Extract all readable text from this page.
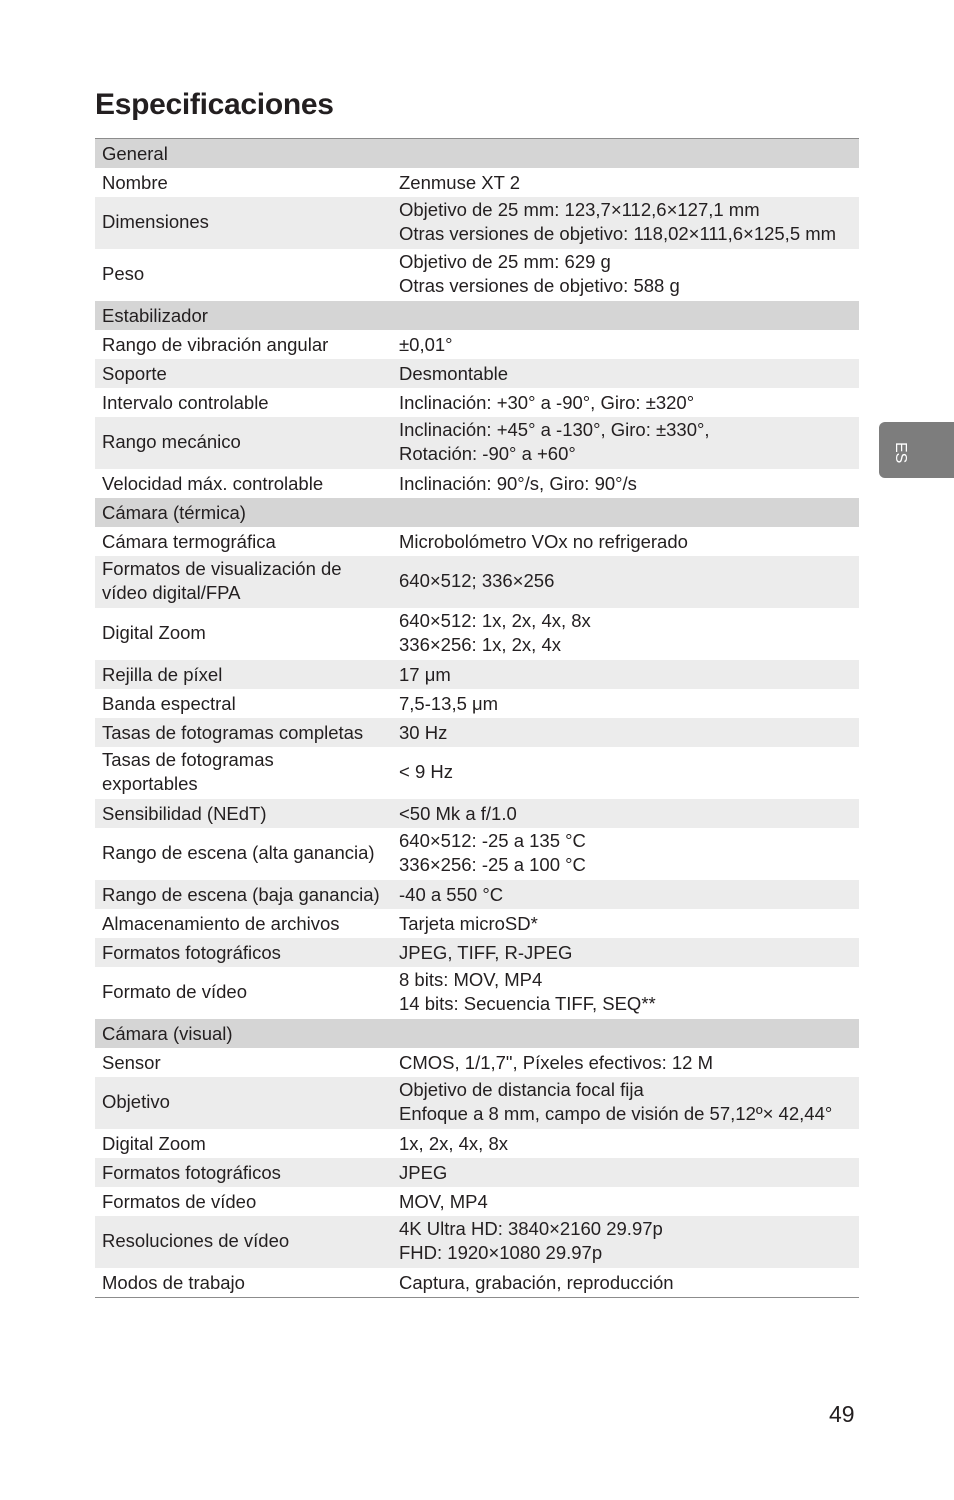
Especificaciones
General	
Nombre	Zenmuse XT 2
Dimensiones	Objetivo de 25 mm: 123,7×112,6×127,1 mm
Otras versiones de objetivo: 118,02×111,6×125,5 mm
Peso	Objetivo de 25 mm: 629 g
Otras versiones de objetivo: 588 g
Estabilizador	
Rango de vibración angular	±0,01°
Soporte	Desmontable
Intervalo controlable	Inclinación: +30° a -90°, Giro: ±320°
Rango mecánico	Inclinación: +45° a -130°, Giro: ±330°,
Rotación: -90° a +60°
Velocidad máx. controlable	Inclinación: 90°/s, Giro: 90°/s
Cámara (térmica)	
Cámara termográfica	Microbolómetro VOx no refrigerado

Formatos de visualización de
vídeo digital/FPA	640×512; 336×256
Digital Zoom	640×512: 1x, 2x, 4x, 8x
336×256: 1x, 2x, 4x
Rejilla de píxel	17 μm
Banda espectral	7,5-13,5 μm
Tasas de fotogramas completas	30 Hz

Tasas de fotogramas
exportables	< 9 Hz
Sensibilidad (NEdT)	<50 Mk a f/1.0
Rango de escena (alta ganancia)	640×512: -25 a 135 °C
336×256: -25 a 100 °C
Rango de escena (baja ganancia)	-40 a 550 °C
Almacenamiento de archivos	Tarjeta microSD*
Formatos fotográficos	JPEG, TIFF, R-JPEG
Formato de vídeo	8 bits: MOV, MP4
14 bits: Secuencia TIFF, SEQ**
Cámara (visual)	
Sensor	CMOS, 1/1,7", Píxeles efectivos: 12 M
Objetivo	Objetivo de distancia focal fija
Enfoque a 8 mm, campo de visión de 57,12º× 42,44°
Digital Zoom	1x, 2x, 4x, 8x
Formatos fotográficos	JPEG
Formatos de vídeo	MOV, MP4
Resoluciones de vídeo	4K Ultra HD: 3840×2160 29.97p
FHD: 1920×1080 29.97p
Modos de trabajo	Captura, grabación, reproducción
ES
49
